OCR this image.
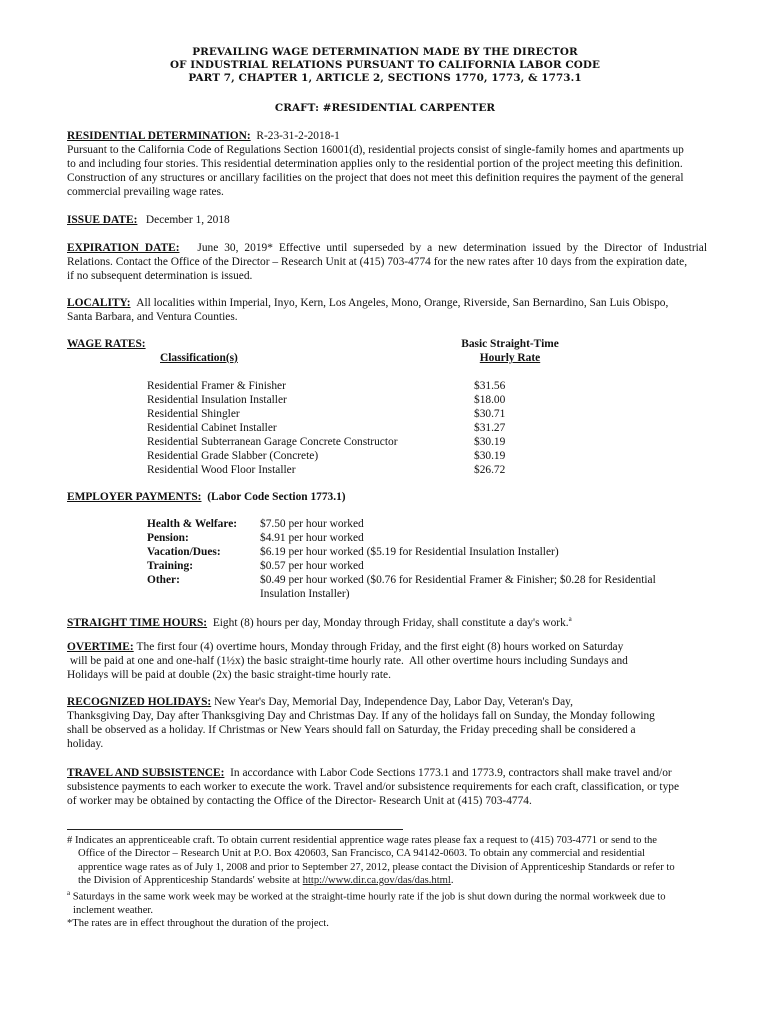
PREVAILING WAGE DETERMINATION MADE BY THE DIRECTOR
OF INDUSTRIAL RELATIONS PURSUANT TO CALIFORNIA LABOR CODE
PART 7, CHAPTER 1, ARTICLE 2, SECTIONS 1770, 1773, & 1773.1
CRAFT: #RESIDENTIAL CARPENTER
RESIDENTIAL DETERMINATION: R-23-31-2-2018-1
Pursuant to the California Code of Regulations Section 16001(d), residential projects consist of single-family homes and apartments up
to and including four stories. This residential determination applies only to the residential portion of the project meeting this definition.
Construction of any structures or ancillary facilities on the project that does not meet this definition requires the payment of the general
commercial prevailing wage rates.
ISSUE DATE: December 1, 2018
EXPIRATION DATE: June 30, 2019* Effective until superseded by a new determination issued by the Director of Industrial
Relations. Contact the Office of the Director – Research Unit at (415) 703-4774 for the new rates after 10 days from the expiration date,
if no subsequent determination is issued.
LOCALITY: All localities within Imperial, Inyo, Kern, Los Angeles, Mono, Orange, Riverside, San Bernardino, San Luis Obispo,
Santa Barbara, and Ventura Counties.
WAGE RATES:
Classification(s)
Basic Straight-Time
Hourly Rate
Residential Framer & Finisher
Residential Insulation Installer
Residential Shingler
Residential Cabinet Installer
Residential Subterranean Garage Concrete Constructor
Residential Grade Slabber (Concrete)
Residential Wood Floor Installer
$31.56
$18.00
$30.71
$31.27
$30.19
$30.19
$26.72
EMPLOYER PAYMENTS: (Labor Code Section 1773.1)
Health & Welfare:
Pension:
Vacation/Dues:
Training:
Other:
$7.50 per hour worked
$4.91 per hour worked
$6.19 per hour worked ($5.19 for Residential Insulation Installer)
$0.57 per hour worked
$0.49 per hour worked ($0.76 for Residential Framer & Finisher; $0.28 for Residential
Insulation Installer)
STRAIGHT TIME HOURS: Eight (8) hours per day, Monday through Friday, shall constitute a day's work.$^a$
OVERTIME: The first four (4) overtime hours, Monday through Friday, and the first eight (8) hours worked on Saturday
will be paid at one and one-half (1½x) the basic straight-time hourly rate.  All other overtime hours including Sundays and
Holidays will be paid at double (2x) the basic straight-time hourly rate.
RECOGNIZED HOLIDAYS: New Year's Day, Memorial Day, Independence Day, Labor Day, Veteran's Day,
Thanksgiving Day, Day after Thanksgiving Day and Christmas Day. If any of the holidays fall on Sunday, the Monday following
shall be observed as a holiday. If Christmas or New Years should fall on Saturday, the Friday preceding shall be considered a
holiday.
TRAVEL AND SUBSISTENCE: In accordance with Labor Code Sections 1773.1 and 1773.9, contractors shall make travel and/or
subsistence payments to each worker to execute the work. Travel and/or subsistence requirements for each craft, classification, or type
of worker may be obtained by contacting the Office of the Director- Research Unit at (415) 703-4774.
# Indicates an apprenticeable craft. To obtain current residential apprentice wage rates please fax a request to (415) 703-4771 or send to the
Office of the Director – Research Unit at P.O. Box 420603, San Francisco, CA 94142-0603. To obtain any commercial and residential
apprentice wage rates as of July 1, 2008 and prior to September 27, 2012, please contact the Division of Apprenticeship Standards or refer to
the Division of Apprenticeship Standards' website at http://www.dir.ca.gov/das/das.html.
$^a$ Saturdays in the same work week may be worked at the straight-time hourly rate if the job is shut down during the normal workweek due to
inclement weather.
*The rates are in effect throughout the duration of the project.
